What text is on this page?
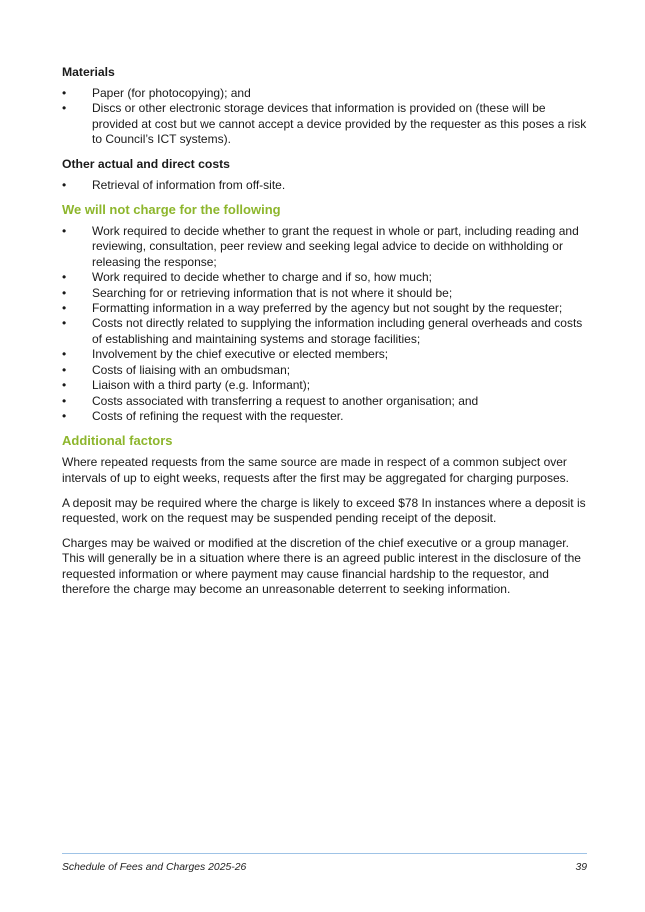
Materials
• Paper (for photocopying); and
• Discs or other electronic storage devices that information is provided on (these will be provided at cost but we cannot accept a device provided by the requester as this poses a risk to Council’s ICT systems).
Other actual and direct costs
• Retrieval of information from off-site.
We will not charge for the following
• Work required to decide whether to grant the request in whole or part, including reading and reviewing, consultation, peer review and seeking legal advice to decide on withholding or releasing the response;
• Work required to decide whether to charge and if so, how much;
• Searching for or retrieving information that is not where it should be;
• Formatting information in a way preferred by the agency but not sought by the requester;
• Costs not directly related to supplying the information including general overheads and costs of establishing and maintaining systems and storage facilities;
• Involvement by the chief executive or elected members;
• Costs of liaising with an ombudsman;
• Liaison with a third party (e.g. Informant);
• Costs associated with transferring a request to another organisation; and
• Costs of refining the request with the requester.
Additional factors

Where repeated requests from the same source are made in respect of a common subject over intervals of up to eight weeks, requests after the first may be aggregated for charging purposes.

A deposit may be required where the charge is likely to exceed $78 In instances where a deposit is requested, work on the request may be suspended pending receipt of the deposit.

Charges may be waived or modified at the discretion of the chief executive or a group manager. This will generally be in a situation where there is an agreed public interest in the disclosure of the requested information or where payment may cause financial hardship to the requestor, and therefore the charge may become an unreasonable deterrent to seeking information.

Schedule of Fees and Charges 2025-26	39
